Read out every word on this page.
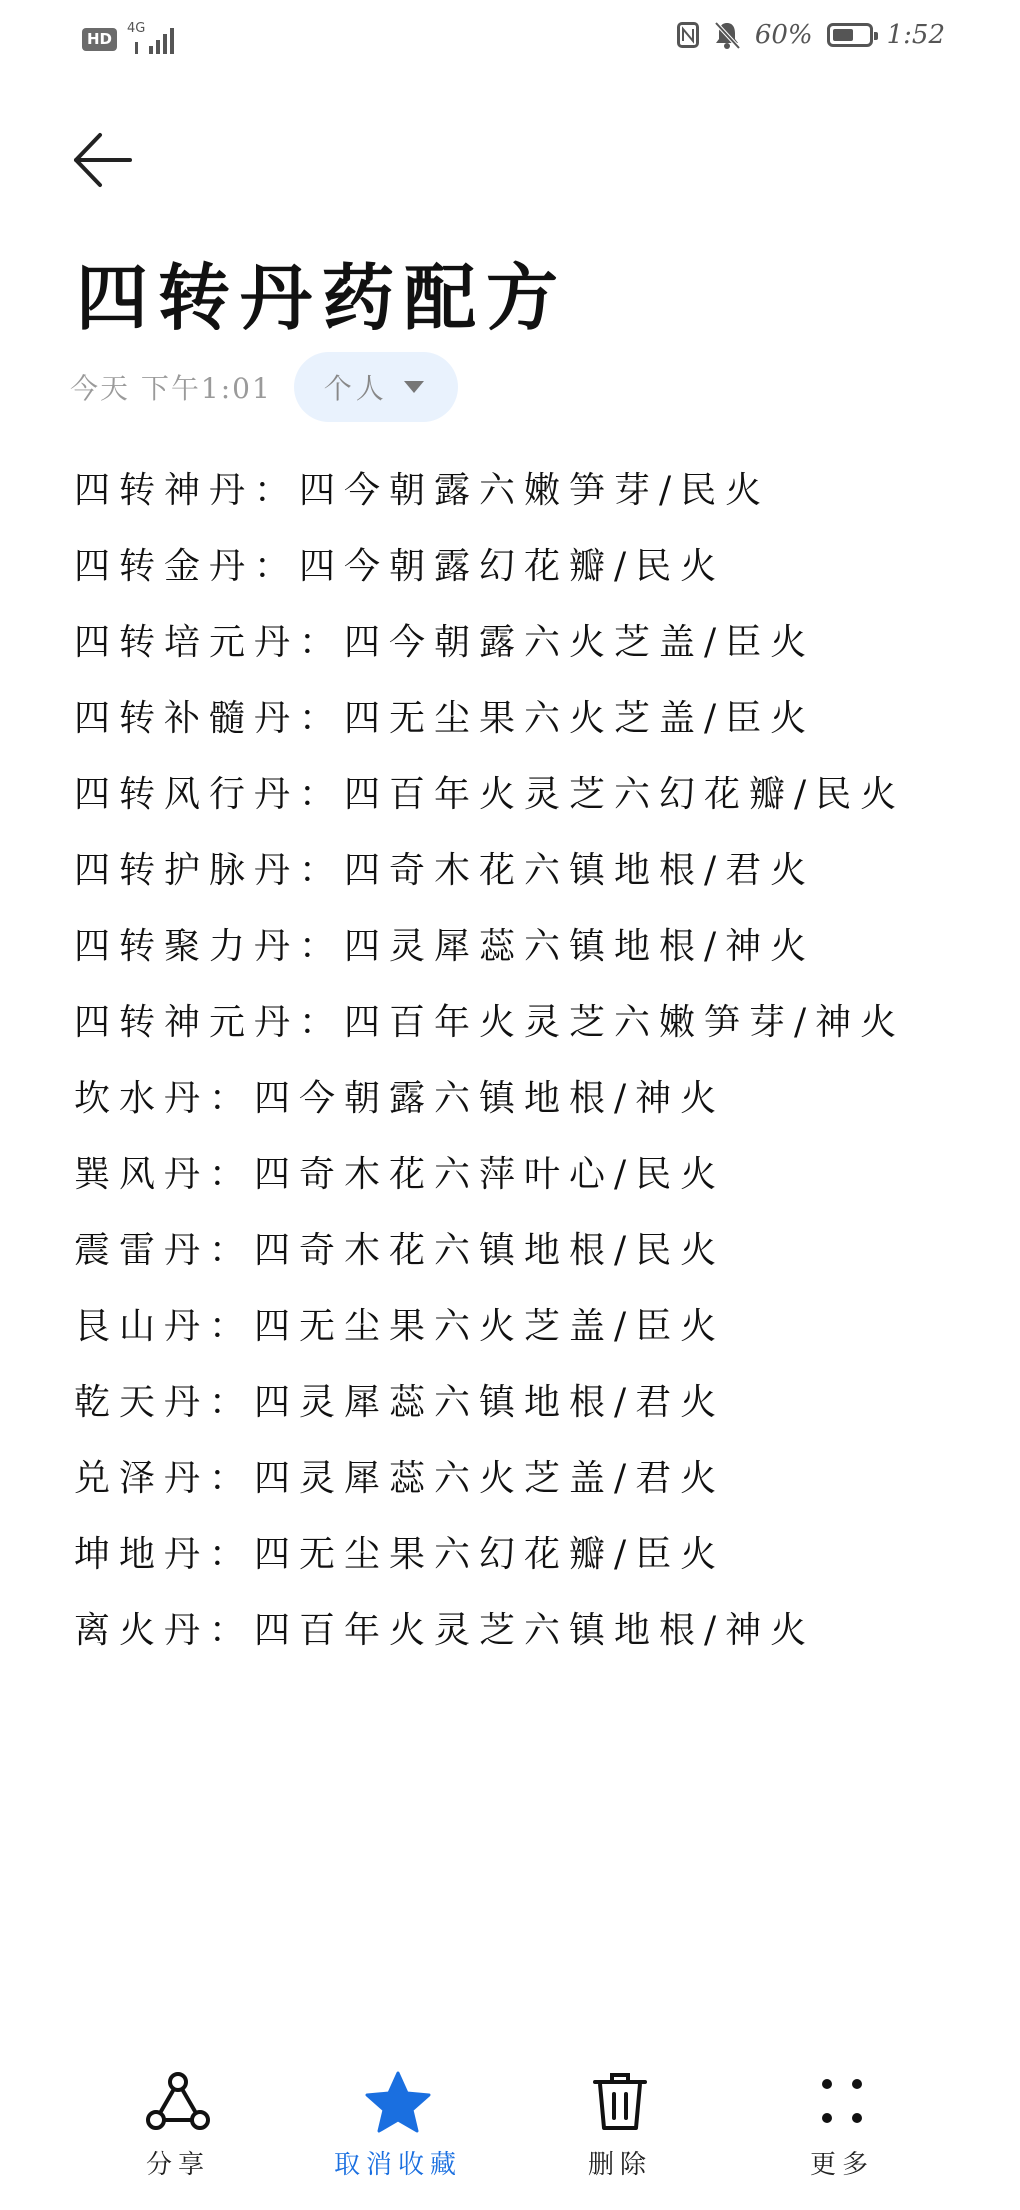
HD
4G	60%	1:52
四转丹药配方
今天 下午1:01 个人
四转神丹：四今朝露六嫩笋芽/民火
四转金丹：四今朝露幻花瓣/民火
四转培元丹：四今朝露六火芝盖/臣火
四转补髓丹：四无尘果六火芝盖/臣火
四转风行丹：四百年火灵芝六幻花瓣/民火
四转护脉丹：四奇木花六镇地根/君火
四转聚力丹：四灵犀蕊六镇地根/神火
四转神元丹：四百年火灵芝六嫩笋芽/神火
坎水丹：四今朝露六镇地根/神火
巽风丹：四奇木花六萍叶心/民火
震雷丹：四奇木花六镇地根/民火
艮山丹：四无尘果六火芝盖/臣火
乾天丹：四灵犀蕊六镇地根/君火
兑泽丹：四灵犀蕊六火芝盖/君火
坤地丹：四无尘果六幻花瓣/臣火
离火丹：四百年火灵芝六镇地根/神火
分享	取消收藏	删除	更多
